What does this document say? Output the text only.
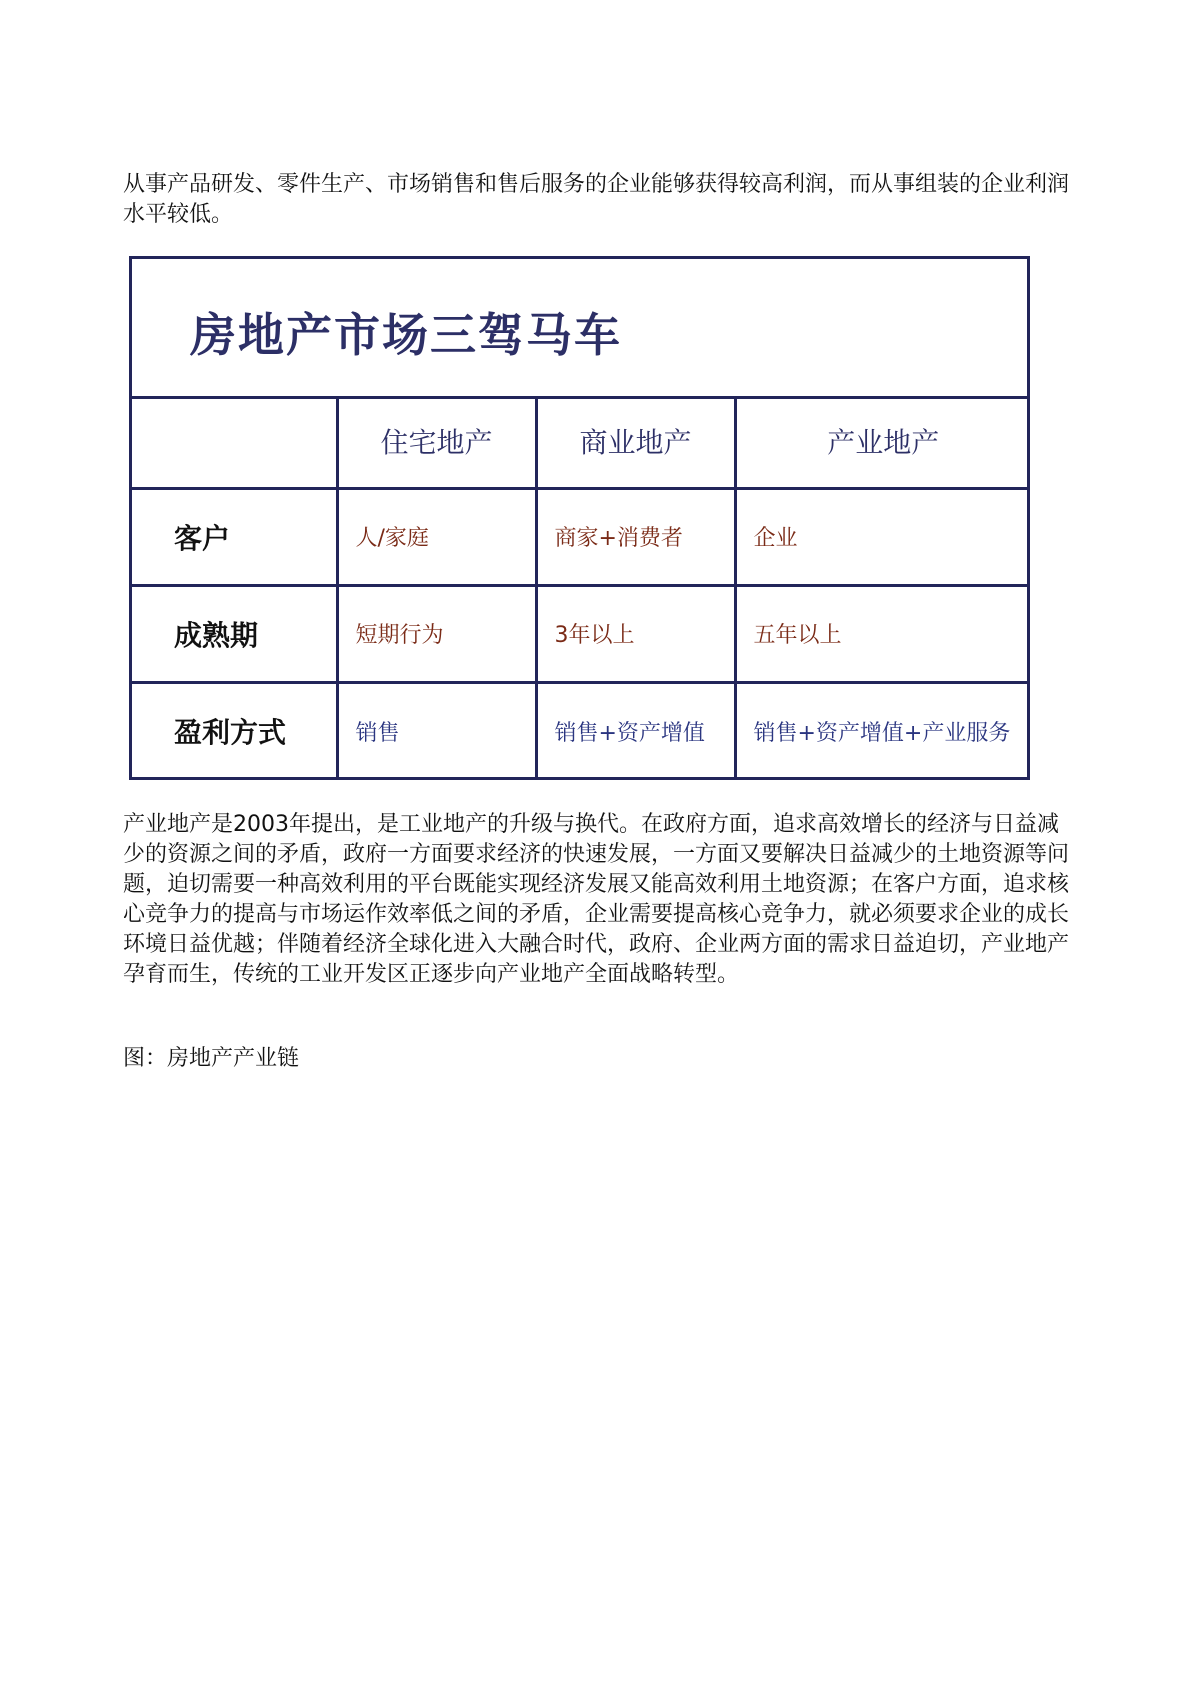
从事产品研发、零件生产、市场销售和售后服务的企业能够获得较高利润，而从事组装的企业利润水平较低。

房地产市场三驾马车
	住宅地产	商业地产	产业地产
客户	人/家庭	商家+消费者	企业
成熟期	短期行为	3年以上	五年以上
盈利方式	销售	销售+资产增值	销售+资产增值+产业服务

产业地产是2003年提出，是工业地产的升级与换代。在政府方面，追求高效增长的经济与日益减少的资源之间的矛盾，政府一方面要求经济的快速发展，一方面又要解决日益减少的土地资源等问题，迫切需要一种高效利用的平台既能实现经济发展又能高效利用土地资源；在客户方面，追求核心竞争力的提高与市场运作效率低之间的矛盾，企业需要提高核心竞争力，就必须要求企业的成长环境日益优越；伴随着经济全球化进入大融合时代，政府、企业两方面的需求日益迫切，产业地产孕育而生，传统的工业开发区正逐步向产业地产全面战略转型。

图：房地产产业链
